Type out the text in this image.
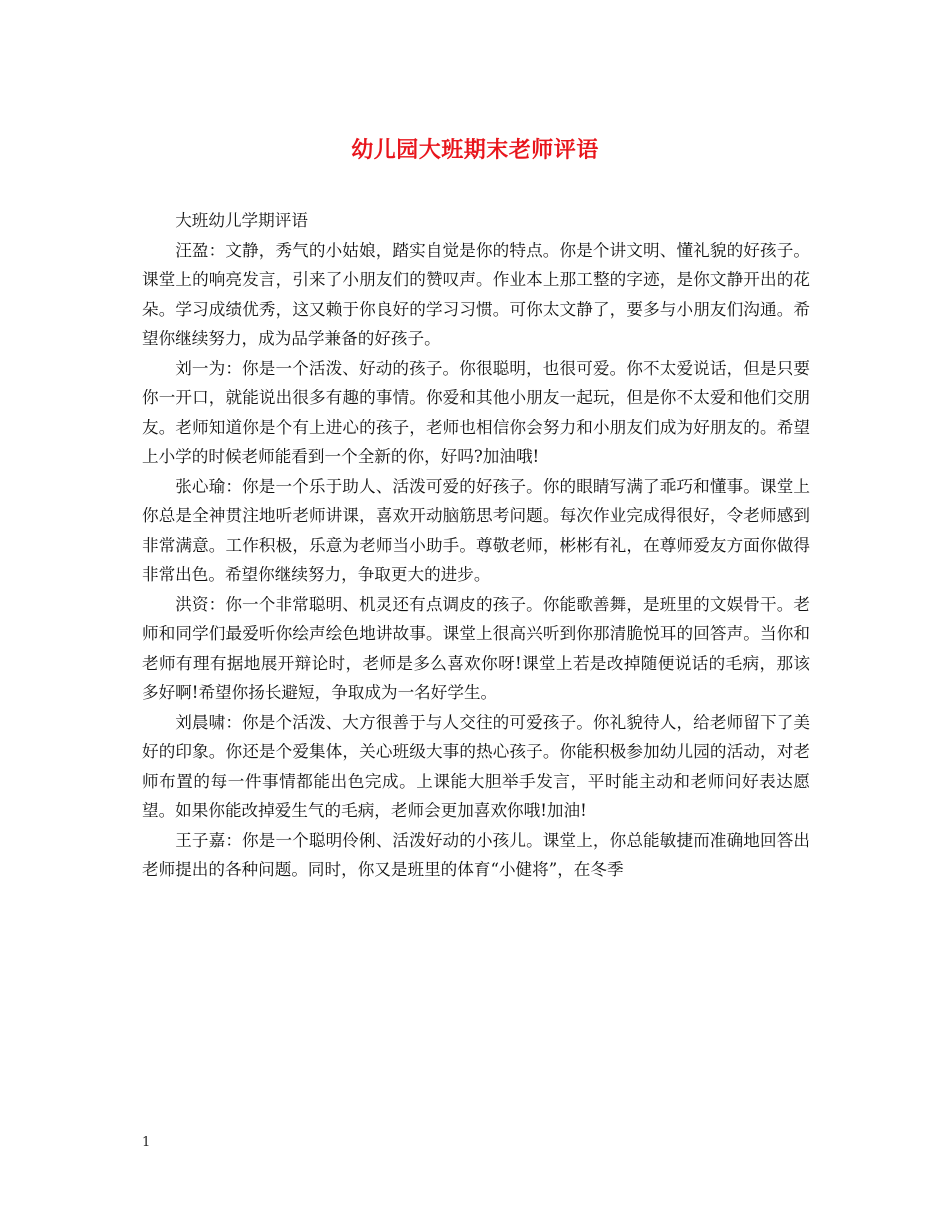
幼儿园大班期末老师评语

大班幼儿学期评语

汪盈：文静，秀气的小姑娘，踏实自觉是你的特点。你是个讲文明、懂礼貌的好孩子。课堂上的响亮发言，引来了小朋友们的赞叹声。作业本上那工整的字迹，是你文静开出的花朵。学习成绩优秀，这又赖于你良好的学习习惯。可你太文静了，要多与小朋友们沟通。希望你继续努力，成为品学兼备的好孩子。

刘一为：你是一个活泼、好动的孩子。你很聪明，也很可爱。你不太爱说话，但是只要你一开口，就能说出很多有趣的事情。你爱和其他小朋友一起玩，但是你不太爱和他们交朋友。老师知道你是个有上进心的孩子，老师也相信你会努力和小朋友们成为好朋友的。希望上小学的时候老师能看到一个全新的你，好吗?加油哦!

张心瑜：你是一个乐于助人、活泼可爱的好孩子。你的眼睛写满了乖巧和懂事。课堂上你总是全神贯注地听老师讲课，喜欢开动脑筋思考问题。每次作业完成得很好，令老师感到非常满意。工作积极，乐意为老师当小助手。尊敬老师，彬彬有礼，在尊师爱友方面你做得非常出色。希望你继续努力，争取更大的进步。

洪资：你一个非常聪明、机灵还有点调皮的孩子。你能歌善舞，是班里的文娱骨干。老师和同学们最爱听你绘声绘色地讲故事。课堂上很高兴听到你那清脆悦耳的回答声。当你和老师有理有据地展开辩论时，老师是多么喜欢你呀!课堂上若是改掉随便说话的毛病，那该多好啊!希望你扬长避短，争取成为一名好学生。

刘晨啸：你是个活泼、大方很善于与人交往的可爱孩子。你礼貌待人，给老师留下了美好的印象。你还是个爱集体，关心班级大事的热心孩子。你能积极参加幼儿园的活动，对老师布置的每一件事情都能出色完成。上课能大胆举手发言，平时能主动和老师问好表达愿望。如果你能改掉爱生气的毛病，老师会更加喜欢你哦!加油!

王子嘉：你是一个聪明伶俐、活泼好动的小孩儿。课堂上，你总能敏捷而准确地回答出老师提出的各种问题。同时，你又是班里的体育“小健将”，在冬季

1
